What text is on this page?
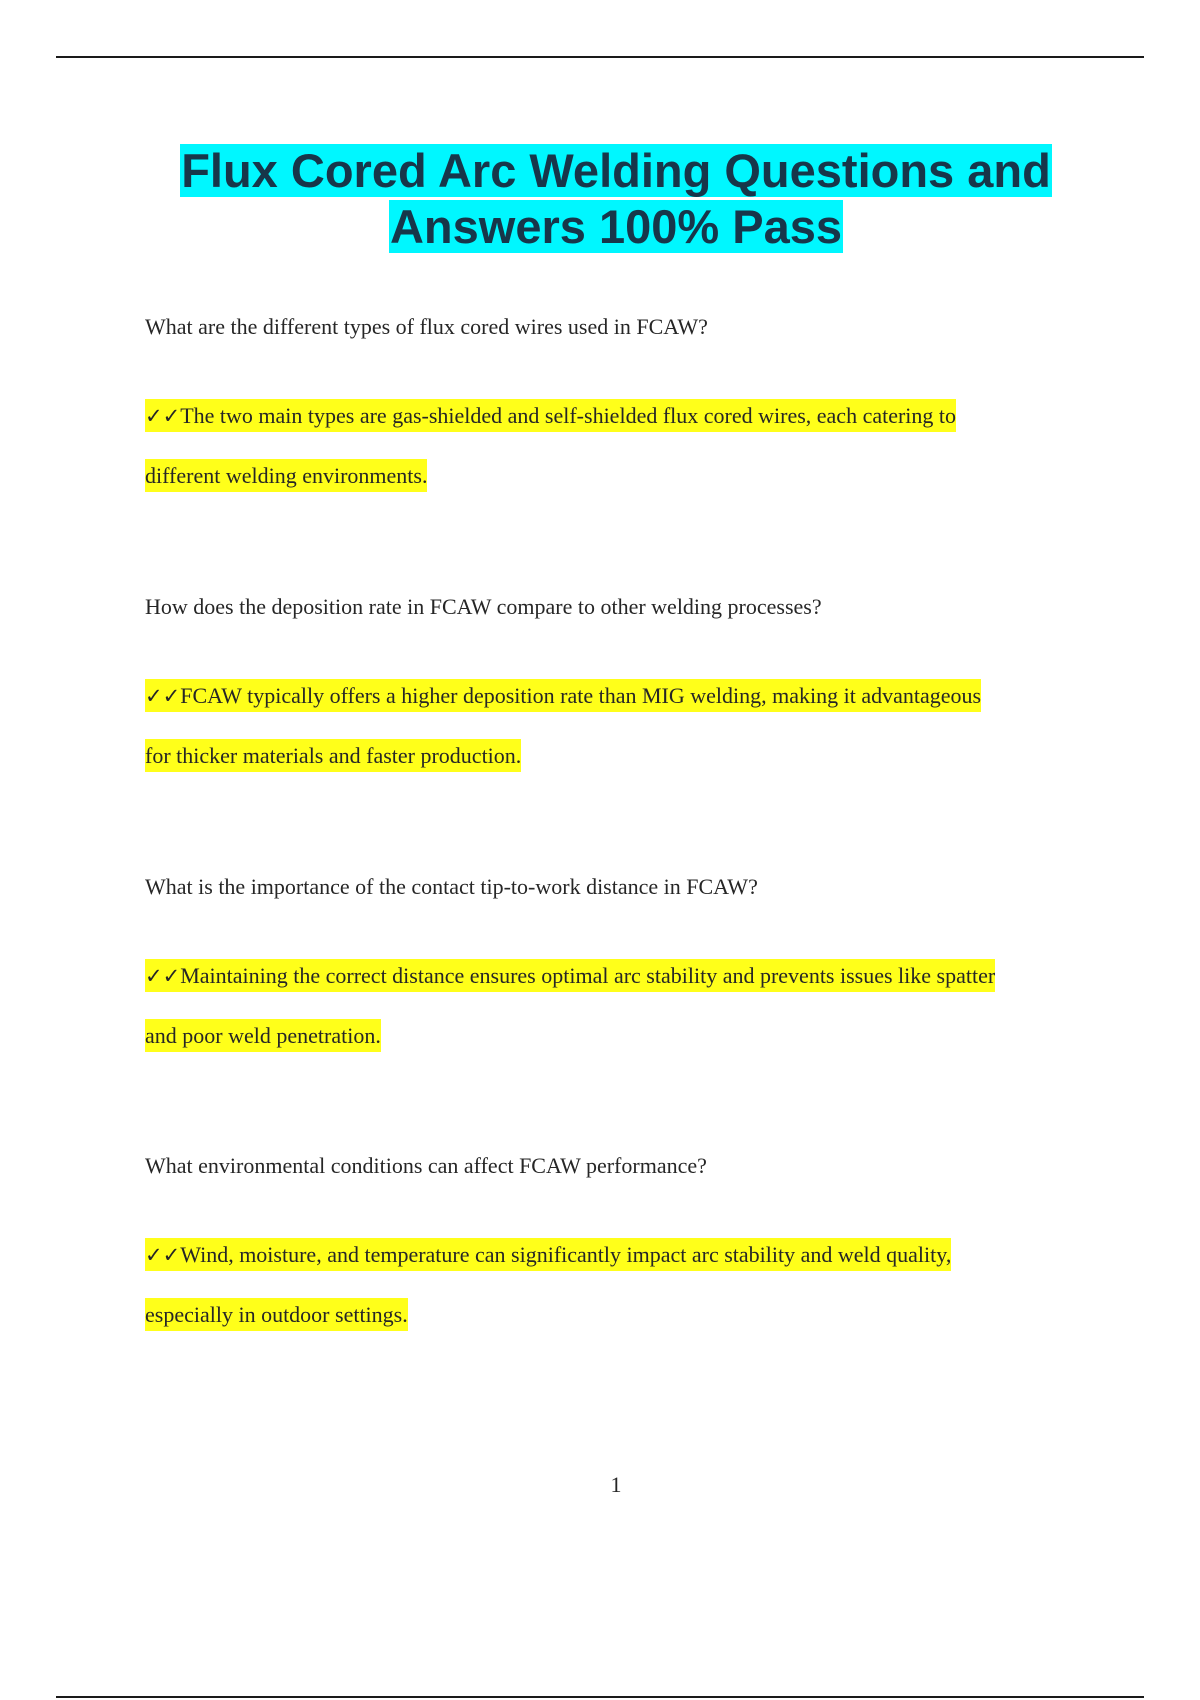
Flux Cored Arc Welding Questions and
Answers 100% Pass

What are the different types of flux cored wires used in FCAW?

✓✓The two main types are gas-shielded and self-shielded flux cored wires, each catering to
different welding environments.

How does the deposition rate in FCAW compare to other welding processes?

✓✓FCAW typically offers a higher deposition rate than MIG welding, making it advantageous
for thicker materials and faster production.

What is the importance of the contact tip-to-work distance in FCAW?

✓✓Maintaining the correct distance ensures optimal arc stability and prevents issues like spatter
and poor weld penetration.

What environmental conditions can affect FCAW performance?

✓✓Wind, moisture, and temperature can significantly impact arc stability and weld quality,
especially in outdoor settings.

1
